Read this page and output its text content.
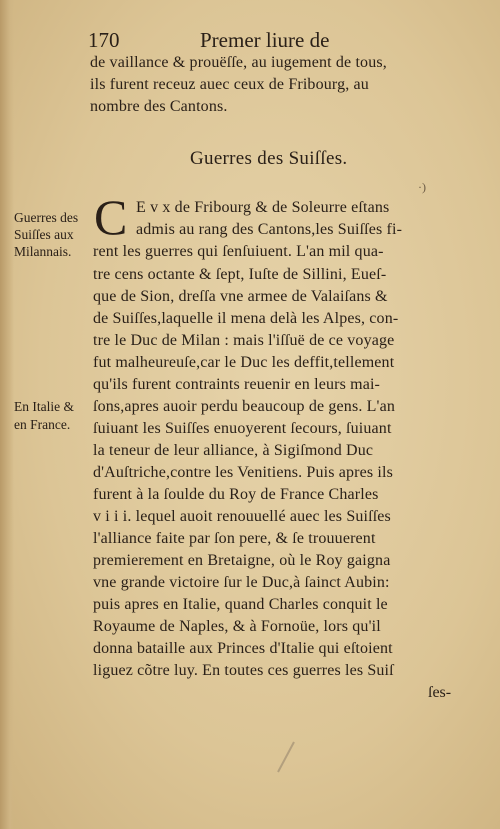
170	Premer liure de
de vaillance & prouëſſe, au iugement de tous,
ils furent receuz auec ceux de Fribourg, au
nombre des Cantons.
Guerres des Suiſſes.
·)
C E v x de Fribourg & de Soleurre eſtans
admis au rang des Cantons,les Suiſſes fi-
rent les guerres qui ſenſuiuent. L'an mil qua-
tre cens octante & ſept, Iuſte de Sillini, Eueſ-
que de Sion, dreſſa vne armee de Valaiſans &
de Suiſſes,laquelle il mena delà les Alpes, con-
tre le Duc de Milan : mais l'iſſuë de ce voyage
fut malheureuſe,car le Duc les deffit,tellement
qu'ils furent contraints reuenir en leurs mai-
ſons,apres auoir perdu beaucoup de gens. L'an
ſuiuant les Suiſſes enuoyerent ſecours, ſuiuant
la teneur de leur alliance, à Sigiſmond Duc
d'Auſtriche,contre les Venitiens. Puis apres ils
furent à la ſoulde du Roy de France Charles
v i i i. lequel auoit renouuellé auec les Suiſſes
l'alliance faite par ſon pere, & ſe trouuerent
premierement en Bretaigne, où le Roy gaigna
vne grande victoire ſur le Duc,à ſainct Aubin:
puis apres en Italie, quand Charles conquit le
Royaume de Naples, & à Fornoüe, lors qu'il
donna bataille aux Princes d'Italie qui eſtoient
liguez cõtre luy. En toutes ces guerres les Suiſ
ſes-
Guerres des
Suiſſes aux
Milannais.
En Italie &
en France.
